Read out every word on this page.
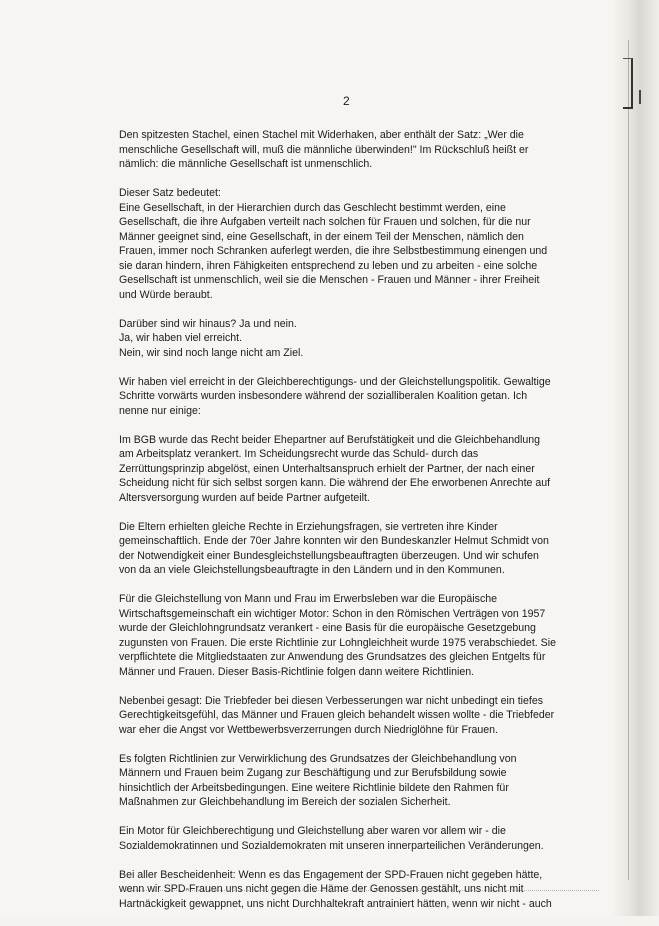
2

Den spitzesten Stachel, einen Stachel mit Widerhaken, aber enthält der Satz: „Wer die
menschliche Gesellschaft will, muß die männliche überwinden!" Im Rückschluß heißt er
nämlich: die männliche Gesellschaft ist unmenschlich.

Dieser Satz bedeutet:
Eine Gesellschaft, in der Hierarchien durch das Geschlecht bestimmt werden, eine
Gesellschaft, die ihre Aufgaben verteilt nach solchen für Frauen und solchen, für die nur
Männer geeignet sind, eine Gesellschaft, in der einem Teil der Menschen, nämlich den
Frauen, immer noch Schranken auferlegt werden, die ihre Selbstbestimmung einengen und
sie daran hindern, ihren Fähigkeiten entsprechend zu leben und zu arbeiten - eine solche
Gesellschaft ist unmenschlich, weil sie die Menschen - Frauen und Männer - ihrer Freiheit
und Würde beraubt.

Darüber sind wir hinaus? Ja und nein.
Ja, wir haben viel erreicht.
Nein, wir sind noch lange nicht am Ziel.

Wir haben viel erreicht in der Gleichberechtigungs- und der Gleichstellungspolitik. Gewaltige
Schritte vorwärts wurden insbesondere während der sozialliberalen Koalition getan. Ich
nenne nur einige:

Im BGB wurde das Recht beider Ehepartner auf Berufstätigkeit und die Gleichbehandlung
am Arbeitsplatz verankert. Im Scheidungsrecht wurde das Schuld- durch das
Zerrüttungsprinzip abgelöst, einen Unterhaltsanspruch erhielt der Partner, der nach einer
Scheidung nicht für sich selbst sorgen kann. Die während der Ehe erworbenen Anrechte auf
Altersversorgung wurden auf beide Partner aufgeteilt.

Die Eltern erhielten gleiche Rechte in Erziehungsfragen, sie vertreten ihre Kinder
gemeinschaftlich. Ende der 70er Jahre konnten wir den Bundeskanzler Helmut Schmidt von
der Notwendigkeit einer Bundesgleichstellungsbeauftragten überzeugen. Und wir schufen
von da an viele Gleichstellungsbeauftragte in den Ländern und in den Kommunen.

Für die Gleichstellung von Mann und Frau im Erwerbsleben war die Europäische
Wirtschaftsgemeinschaft ein wichtiger Motor: Schon in den Römischen Verträgen von 1957
wurde der Gleichlohngrundsatz verankert - eine Basis für die europäische Gesetzgebung
zugunsten von Frauen. Die erste Richtlinie zur Lohngleichheit wurde 1975 verabschiedet. Sie
verpflichtete die Mitgliedstaaten zur Anwendung des Grundsatzes des gleichen Entgelts für
Männer und Frauen. Dieser Basis-Richtlinie folgen dann weitere Richtlinien.

Nebenbei gesagt: Die Triebfeder bei diesen Verbesserungen war nicht unbedingt ein tiefes
Gerechtigkeitsgefühl, das Männer und Frauen gleich behandelt wissen wollte - die Triebfeder
war eher die Angst vor Wettbewerbsverzerrungen durch Niedriglöhne für Frauen.

Es folgten Richtlinien zur Verwirklichung des Grundsatzes der Gleichbehandlung von
Männern und Frauen beim Zugang zur Beschäftigung und zur Berufsbildung sowie
hinsichtlich der Arbeitsbedingungen. Eine weitere Richtlinie bildete den Rahmen für
Maßnahmen zur Gleichbehandlung im Bereich der sozialen Sicherheit.

Ein Motor für Gleichberechtigung und Gleichstellung aber waren vor allem wir - die
Sozialdemokratinnen und Sozialdemokraten mit unseren innerparteilichen Veränderungen.

Bei aller Bescheidenheit: Wenn es das Engagement der SPD-Frauen nicht gegeben hätte,
wenn wir SPD-Frauen uns nicht gegen die Häme der Genossen gestählt, uns nicht mit
Hartnäckigkeit gewappnet, uns nicht Durchhaltekraft antrainiert hätten, wenn wir nicht - auch
